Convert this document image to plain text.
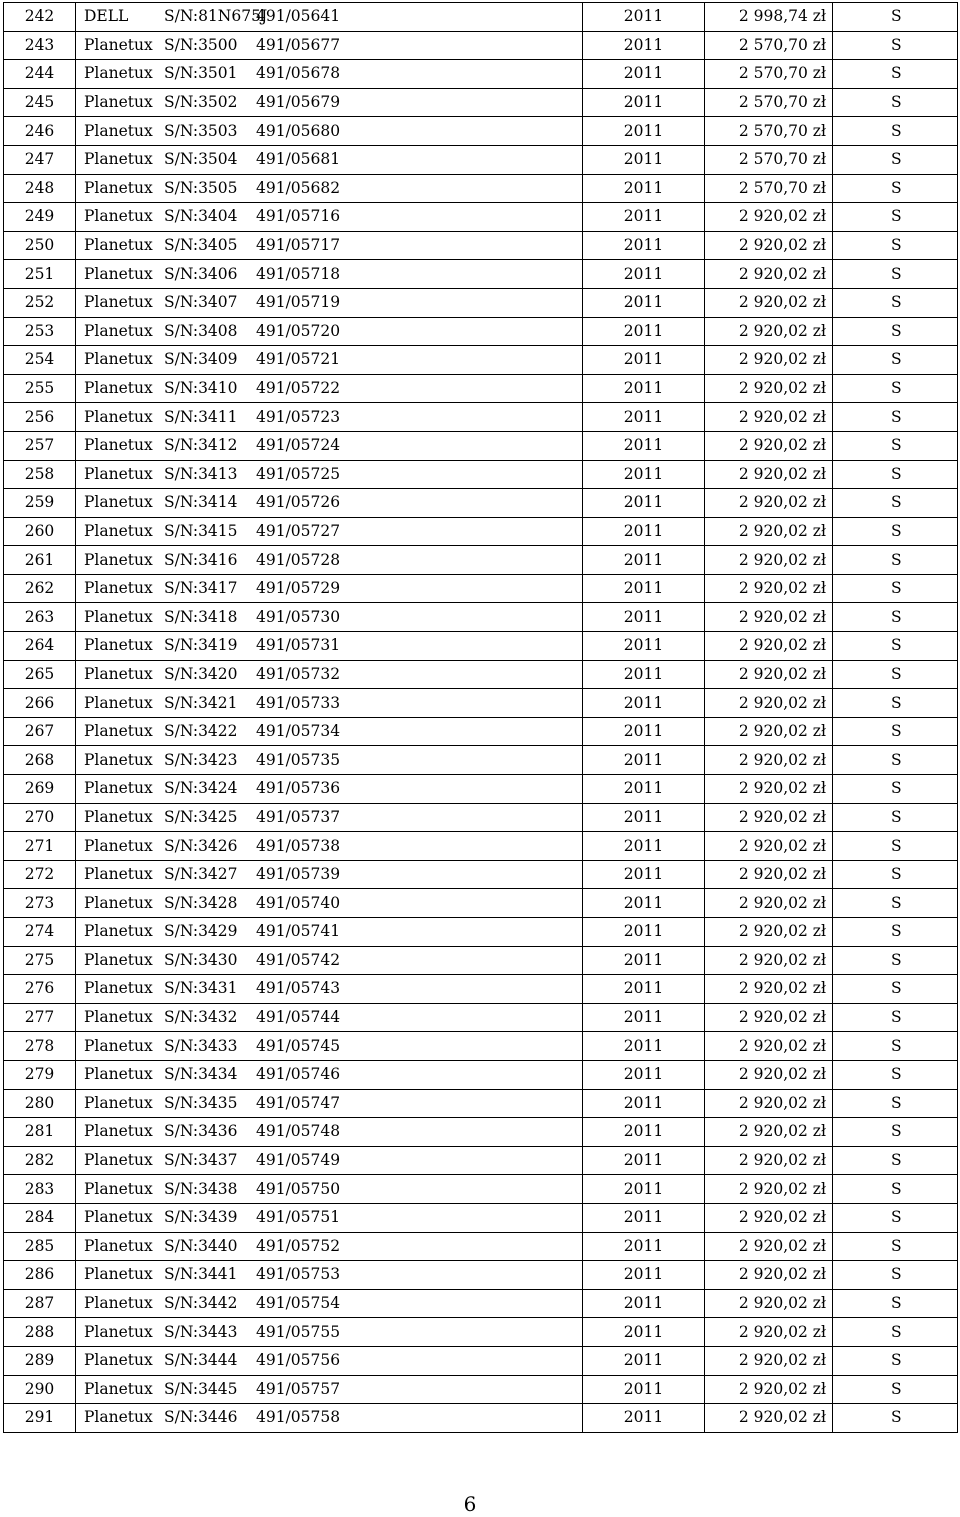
242	DELL S/N:81N675J491/05641	2011	2 998,74 zł	S
243	Planetux S/N:3500 491/05677	2011	2 570,70 zł	S
244	Planetux S/N:3501 491/05678	2011	2 570,70 zł	S
245	Planetux S/N:3502 491/05679	2011	2 570,70 zł	S
246	Planetux S/N:3503 491/05680	2011	2 570,70 zł	S
247	Planetux S/N:3504 491/05681	2011	2 570,70 zł	S
248	Planetux S/N:3505 491/05682	2011	2 570,70 zł	S
249	Planetux S/N:3404 491/05716	2011	2 920,02 zł	S
250	Planetux S/N:3405 491/05717	2011	2 920,02 zł	S
251	Planetux S/N:3406 491/05718	2011	2 920,02 zł	S
252	Planetux S/N:3407 491/05719	2011	2 920,02 zł	S
253	Planetux S/N:3408 491/05720	2011	2 920,02 zł	S
254	Planetux S/N:3409 491/05721	2011	2 920,02 zł	S
255	Planetux S/N:3410 491/05722	2011	2 920,02 zł	S
256	Planetux S/N:3411 491/05723	2011	2 920,02 zł	S
257	Planetux S/N:3412 491/05724	2011	2 920,02 zł	S
258	Planetux S/N:3413 491/05725	2011	2 920,02 zł	S
259	Planetux S/N:3414 491/05726	2011	2 920,02 zł	S
260	Planetux S/N:3415 491/05727	2011	2 920,02 zł	S
261	Planetux S/N:3416 491/05728	2011	2 920,02 zł	S
262	Planetux S/N:3417 491/05729	2011	2 920,02 zł	S
263	Planetux S/N:3418 491/05730	2011	2 920,02 zł	S
264	Planetux S/N:3419 491/05731	2011	2 920,02 zł	S
265	Planetux S/N:3420 491/05732	2011	2 920,02 zł	S
266	Planetux S/N:3421 491/05733	2011	2 920,02 zł	S
267	Planetux S/N:3422 491/05734	2011	2 920,02 zł	S
268	Planetux S/N:3423 491/05735	2011	2 920,02 zł	S
269	Planetux S/N:3424 491/05736	2011	2 920,02 zł	S
270	Planetux S/N:3425 491/05737	2011	2 920,02 zł	S
271	Planetux S/N:3426 491/05738	2011	2 920,02 zł	S
272	Planetux S/N:3427 491/05739	2011	2 920,02 zł	S
273	Planetux S/N:3428 491/05740	2011	2 920,02 zł	S
274	Planetux S/N:3429 491/05741	2011	2 920,02 zł	S
275	Planetux S/N:3430 491/05742	2011	2 920,02 zł	S
276	Planetux S/N:3431 491/05743	2011	2 920,02 zł	S
277	Planetux S/N:3432 491/05744	2011	2 920,02 zł	S
278	Planetux S/N:3433 491/05745	2011	2 920,02 zł	S
279	Planetux S/N:3434 491/05746	2011	2 920,02 zł	S
280	Planetux S/N:3435 491/05747	2011	2 920,02 zł	S
281	Planetux S/N:3436 491/05748	2011	2 920,02 zł	S
282	Planetux S/N:3437 491/05749	2011	2 920,02 zł	S
283	Planetux S/N:3438 491/05750	2011	2 920,02 zł	S
284	Planetux S/N:3439 491/05751	2011	2 920,02 zł	S
285	Planetux S/N:3440 491/05752	2011	2 920,02 zł	S
286	Planetux S/N:3441 491/05753	2011	2 920,02 zł	S
287	Planetux S/N:3442 491/05754	2011	2 920,02 zł	S
288	Planetux S/N:3443 491/05755	2011	2 920,02 zł	S
289	Planetux S/N:3444 491/05756	2011	2 920,02 zł	S
290	Planetux S/N:3445 491/05757	2011	2 920,02 zł	S
291	Planetux S/N:3446 491/05758	2011	2 920,02 zł	S
6
